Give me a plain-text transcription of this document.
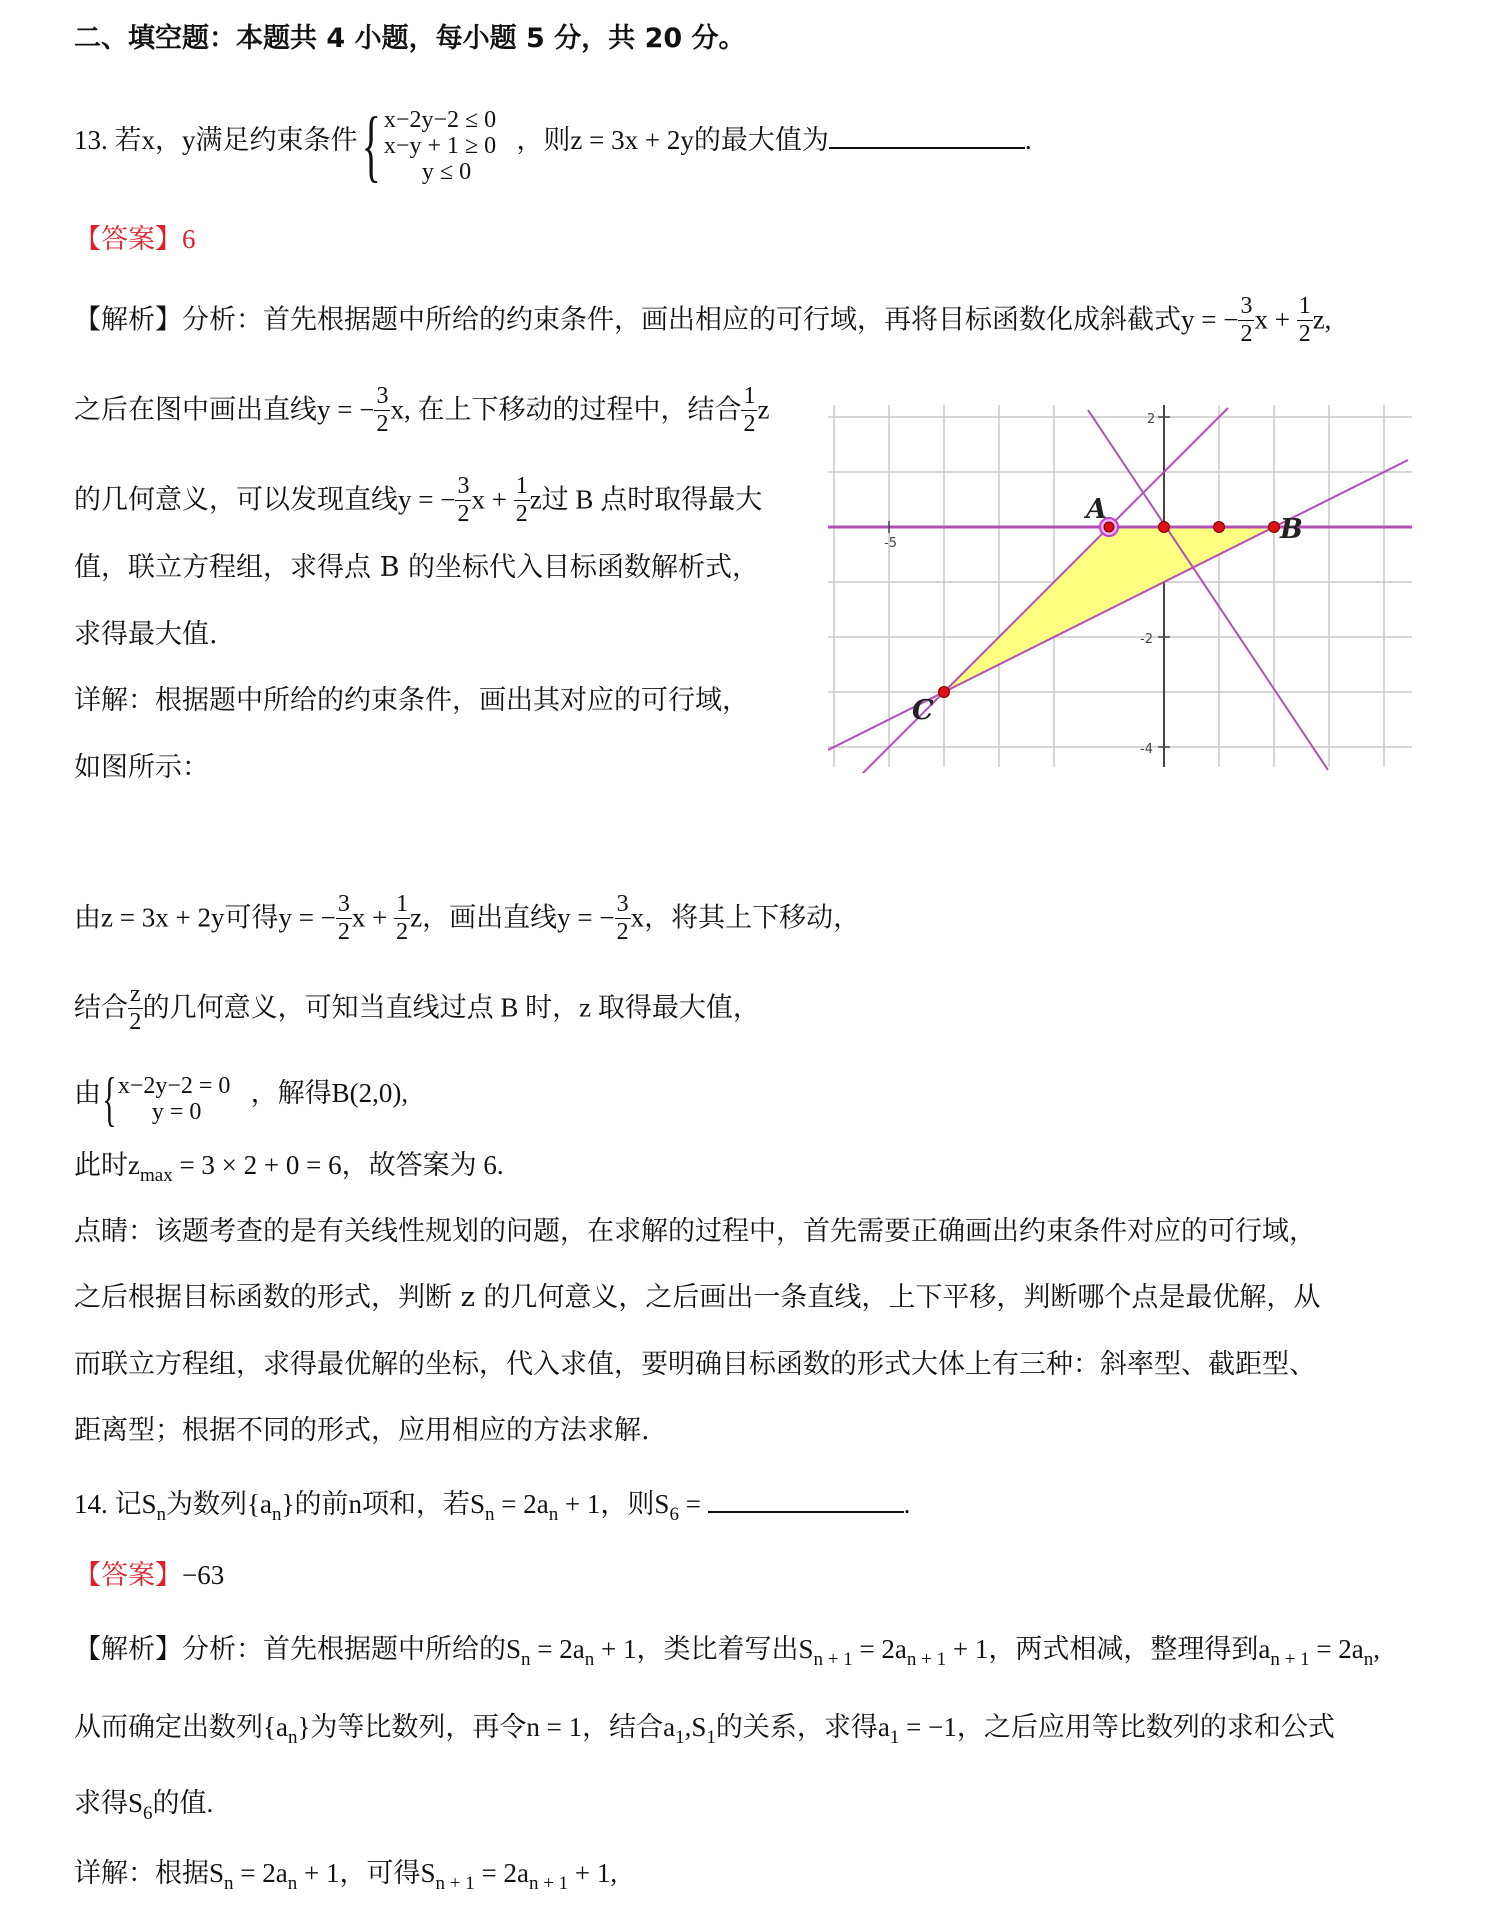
二、填空题：本题共 4 小题，每小题 5 分，共 20 分。
13. 若x，y满足约束条件{ x−2y−2 ≤ 0
x−y + 1 ≥ 0
y ≤ 0
，则z = 3x + 2y的最大值为	.
【答案】6
【解析】分析：首先根据题中所给的约束条件，画出相应的可行域，再将目标函数化成斜截式y = − $\frac{3}{2}$ $x + \frac{1}{2} z$,
之后在图中画出直线y = − $\frac{3}{2} x$, 在上下移动的过程中，结合 $\frac{1}{2}$ z
的几何意义，可以发现直线y = − $\frac{3}{2}$ $x + \frac{1}{2}$ z过 B 点时取得最大
值，联立方程组，求得点 B 的坐标代入目标函数解析式，
求得最大值.
详解：根据题中所给的约束条件，画出其对应的可行域，
如图所示：
2
-5
-2
-4
A
B
C
由z = 3x + 2y可得y = − $\frac{3}{2}$ $x + \frac{1}{2}$ z，画出直线y = − $\frac{3}{2}$ x，将其上下移动，
结合 $\frac{z}{2}$ 的几何意义，可知当直线过点 B 时，z 取得最大值，
由{ x−2y−2 = 0
y = 0
，解得B(2,0),
此时$z_{max} = 3 \times 2 + 0 = 6$，故答案为 6.
点睛：该题考查的是有关线性规划的问题，在求解的过程中，首先需要正确画出约束条件对应的可行域，
之后根据目标函数的形式，判断 z 的几何意义，之后画出一条直线，上下平移，判断哪个点是最优解，从
而联立方程组，求得最优解的坐标，代入求值，要明确目标函数的形式大体上有三种：斜率型、截距型、
距离型；根据不同的形式，应用相应的方法求解.
14. 记$S_n$为数列$\{a_n\}$的前n项和，若$S_n = 2a_n + 1$，则$S_6$ =	.
【答案】−63
【解析】分析：首先根据题中所给的$S_n = 2a_n + 1$，类比着写出$S_{n + 1} = 2a_{n + 1} + 1$，两式相减，整理得到$a_{n + 1} = 2a_n$,
从而确定出数列$\{a_n\}$为等比数列，再令n = 1，结合$a_1,S_1$的关系，求得$a_1 = -1$，之后应用等比数列的求和公式
求得$S_6$的值.
详解：根据$S_n = 2a_n + 1$，可得$S_{n + 1} = 2a_{n + 1} + 1$,
